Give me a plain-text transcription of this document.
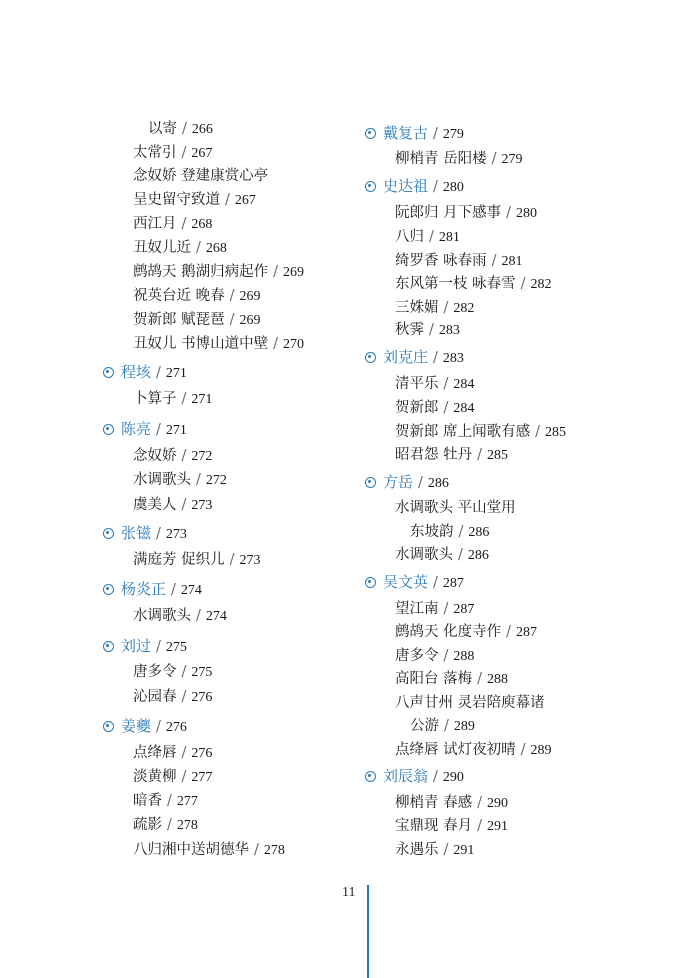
以寄 / 266
太常引 / 267
念奴娇 登建康赏心亭
呈史留守致道 / 267
西江月 / 268
丑奴儿近 / 268
鹧鸪天 鹅湖归病起作 / 269
祝英台近 晚春 / 269
贺新郎 赋琵琶 / 269
丑奴儿 书博山道中壁 / 270
程垓 / 271
卜算子 / 271
陈亮 / 271
念奴娇 / 272
水调歌头 / 272
虞美人 / 273
张镃 / 273
满庭芳 促织儿 / 273
杨炎正 / 274
水调歌头 / 274
刘过 / 275
唐多令 / 275
沁园春 / 276
姜夔 / 276
点绛唇 / 276
淡黄柳 / 277
暗香 / 277
疏影 / 278
八归湘中送胡德华 / 278
戴复古 / 279
柳梢青 岳阳楼 / 279
史达祖 / 280
阮郎归 月下感事 / 280
八归 / 281
绮罗香 咏春雨 / 281
东风第一枝 咏春雪 / 282
三姝媚 / 282
秋霁 / 283
刘克庄 / 283
清平乐 / 284
贺新郎 / 284
贺新郎 席上闻歌有感 / 285
昭君怨 牡丹 / 285
方岳 / 286
水调歌头 平山堂用
东坡韵 / 286
水调歌头 / 286
吴文英 / 287
望江南 / 287
鹧鸪天 化度寺作 / 287
唐多令 / 288
高阳台 落梅 / 288
八声甘州 灵岩陪庾幕诸
公游 / 289
点绛唇 试灯夜初晴 / 289
刘辰翁 / 290
柳梢青 春感 / 290
宝鼎现 春月 / 291
永遇乐 / 291
11
